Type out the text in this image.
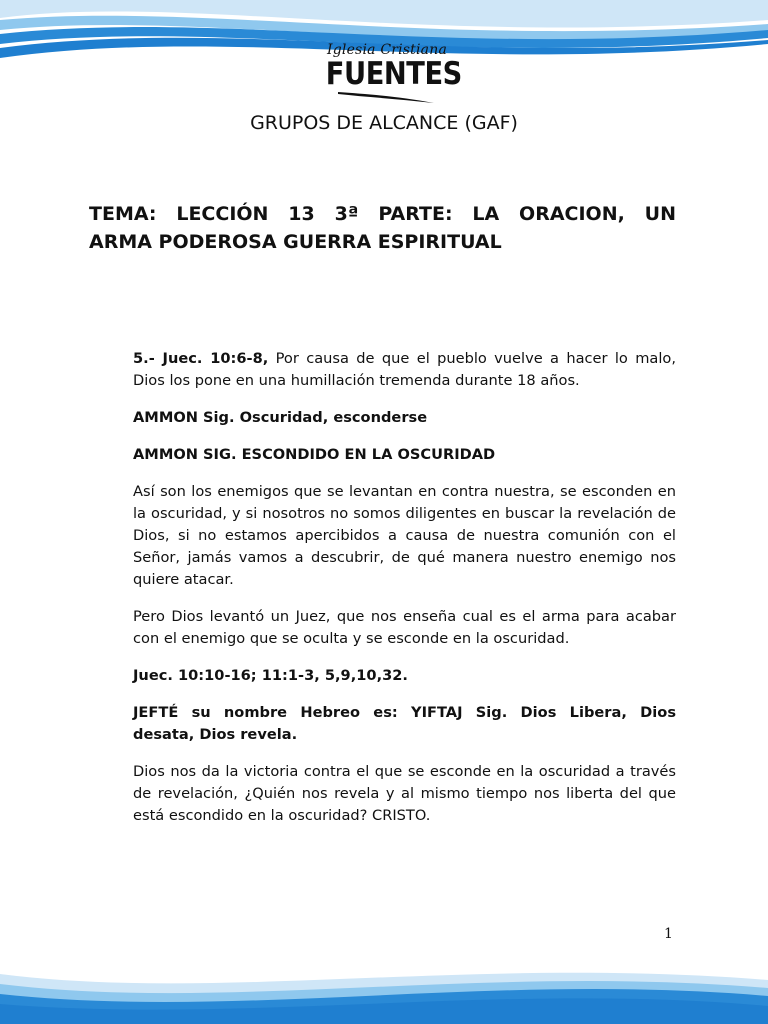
Iglesia Cristiana
FUENTES
GRUPOS DE ALCANCE (GAF)
TEMA: LECCIÓN 13 3ª PARTE: LA ORACION, UN
ARMA PODEROSA GUERRA ESPIRITUAL

5.- Juec. 10:6-8, Por causa de que el pueblo vuelve a hacer lo malo, Dios los pone en una humillación tremenda durante 18 años.

AMMON Sig. Oscuridad, esconderse

AMMON SIG. ESCONDIDO EN LA OSCURIDAD

Así son los enemigos que se levantan en contra nuestra, se esconden en la oscuridad, y si nosotros no somos diligentes en buscar la revelación de Dios, si no estamos apercibidos a causa de nuestra comunión con el Señor, jamás vamos a descubrir, de qué manera nuestro enemigo nos quiere atacar.

Pero Dios levantó un Juez, que nos enseña cual es el arma para acabar con el enemigo que se oculta y se esconde en la oscuridad.

Juec. 10:10-16; 11:1-3, 5,9,10,32.

JEFTÉ su nombre Hebreo es: YIFTAJ Sig. Dios Libera, Dios
desata, Dios revela.

Dios nos da la victoria contra el que se esconde en la oscuridad a través de revelación, ¿Quién nos revela y al mismo tiempo nos liberta del que está escondido en la oscuridad? CRISTO.

1
